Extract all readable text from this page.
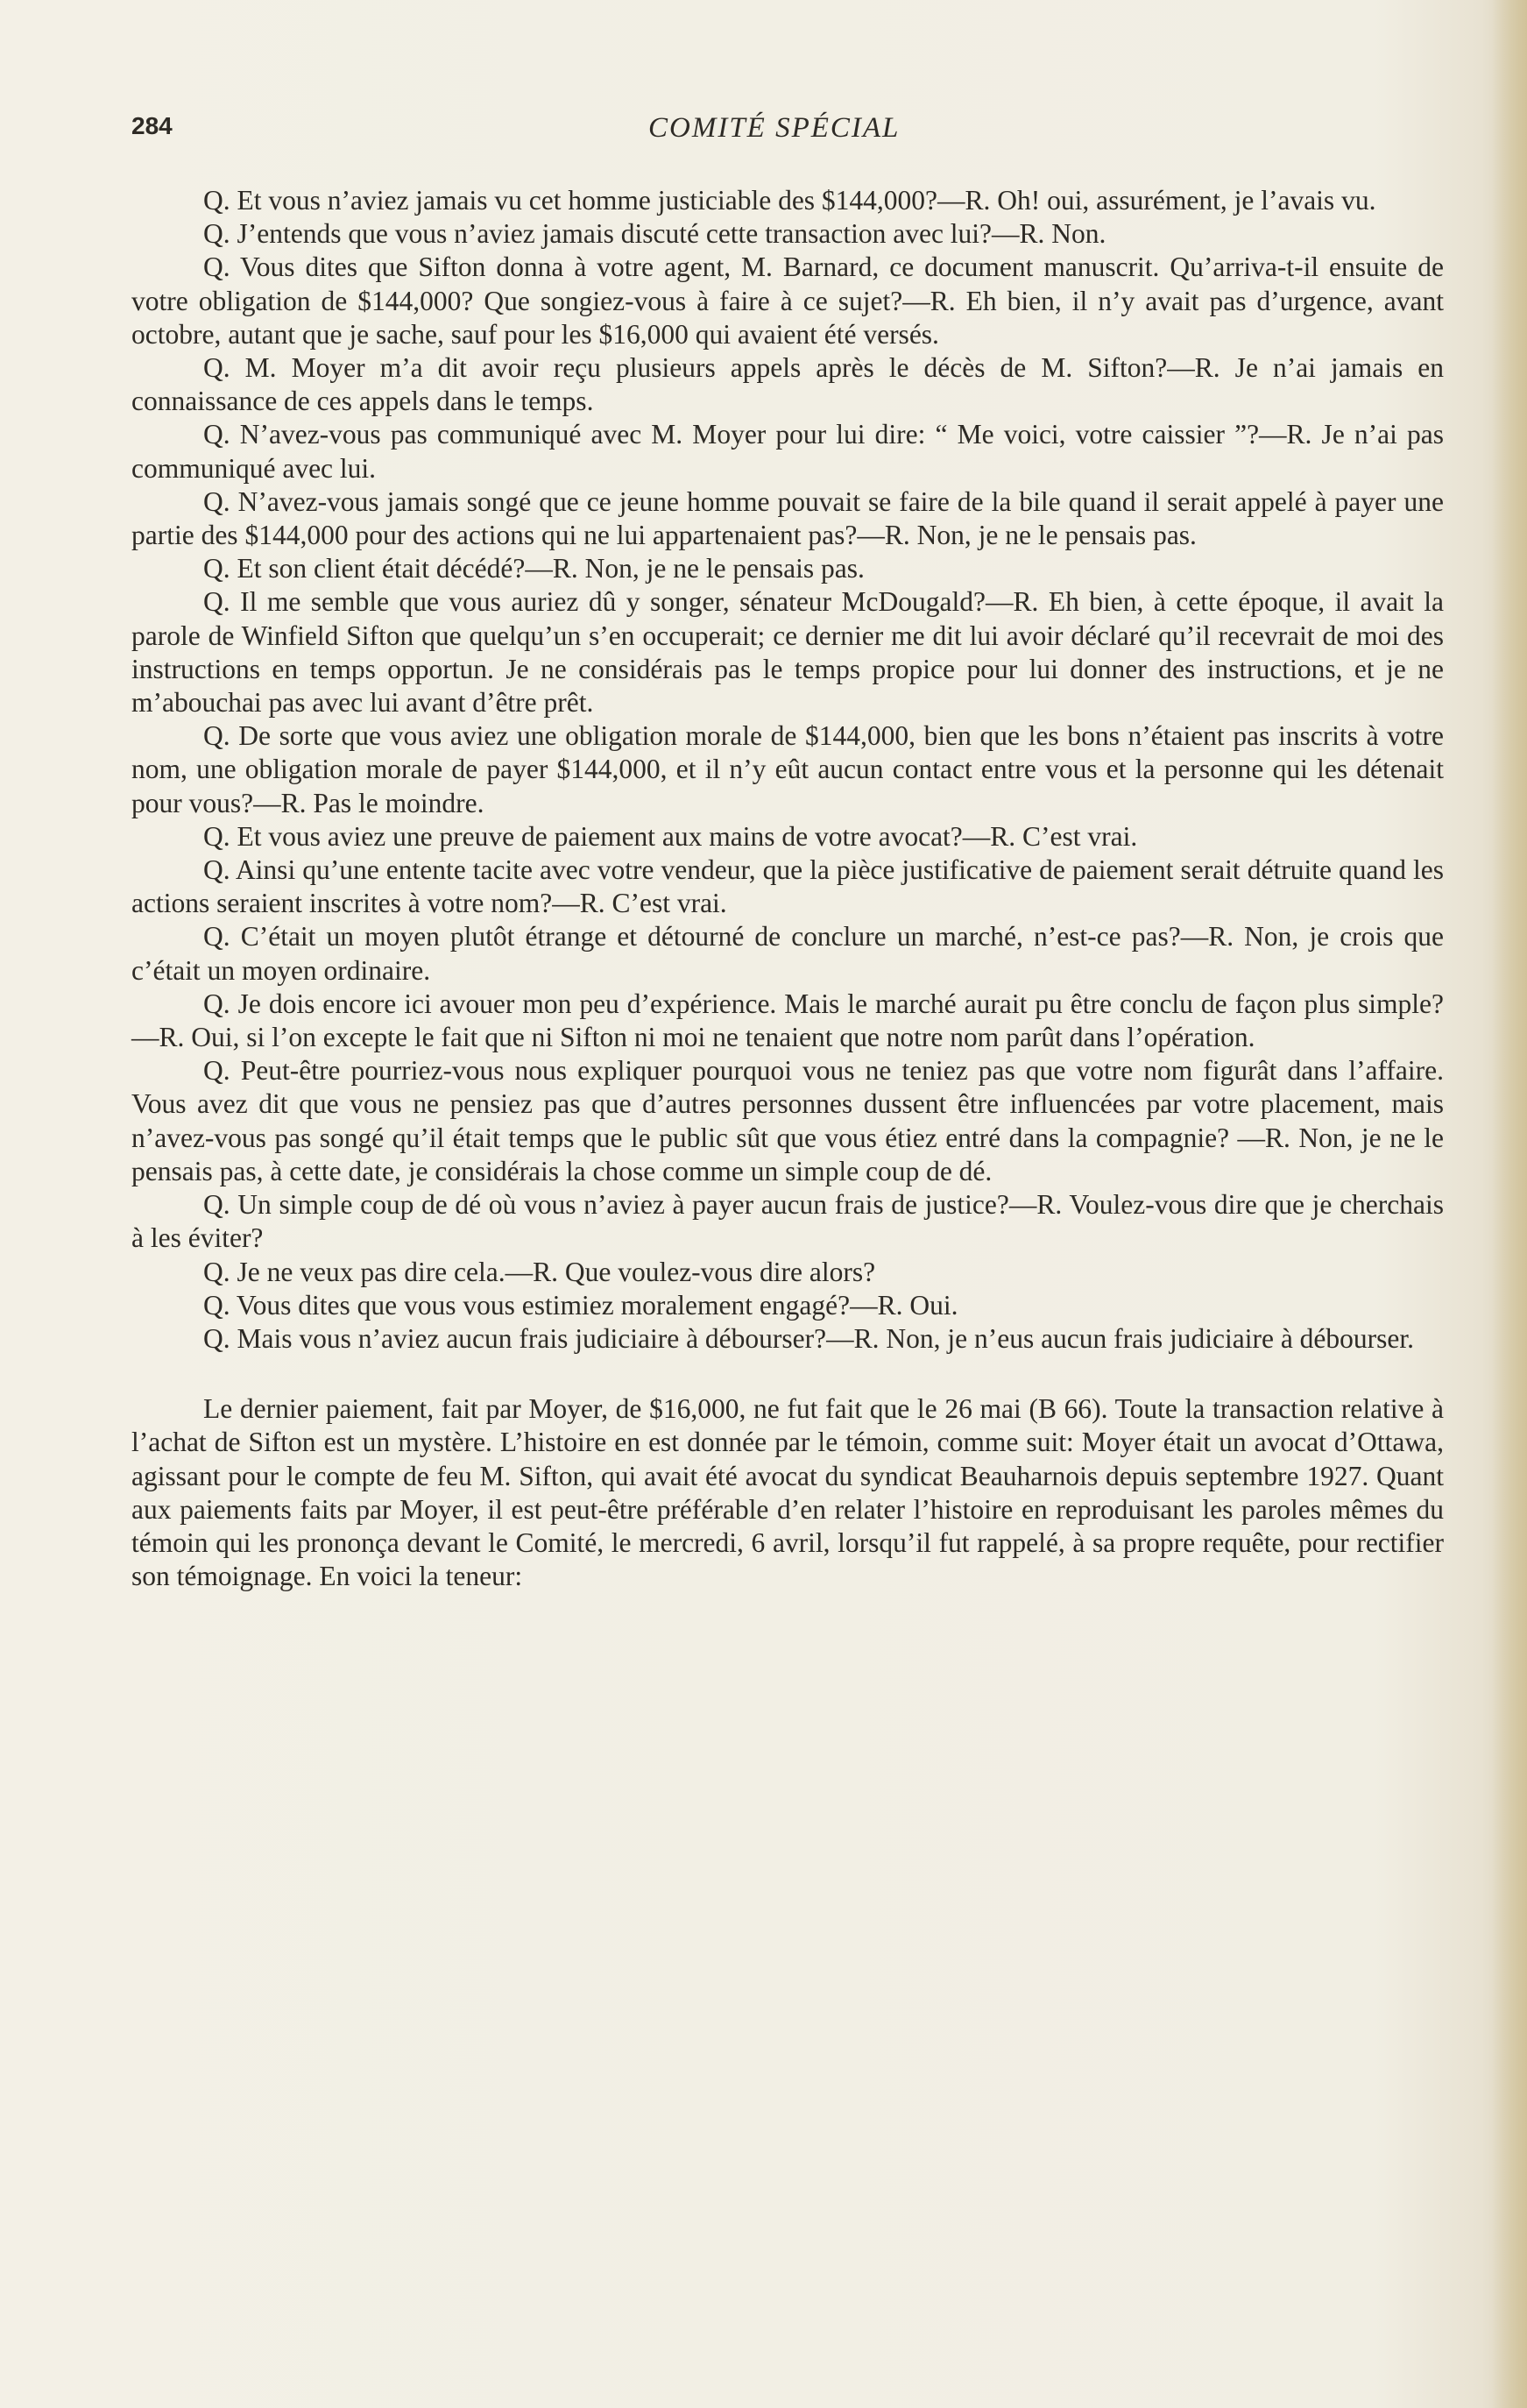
284	COMITÉ SPÉCIAL

Q. Et vous n’aviez jamais vu cet homme justiciable des $144,000?—R. Oh! oui, assurément, je l’avais vu.

Q. J’entends que vous n’aviez jamais discuté cette transaction avec lui?—R. Non.

Q. Vous dites que Sifton donna à votre agent, M. Barnard, ce document manuscrit. Qu’arriva-t-il ensuite de votre obligation de $144,000? Que songiez-vous à faire à ce sujet?—R. Eh bien, il n’y avait pas d’urgence, avant octobre, autant que je sache, sauf pour les $16,000 qui avaient été versés.

Q. M. Moyer m’a dit avoir reçu plusieurs appels après le décès de M. Sifton?—R. Je n’ai jamais en connaissance de ces appels dans le temps.

Q. N’avez-vous pas communiqué avec M. Moyer pour lui dire: “ Me voici, votre caissier ”?—R. Je n’ai pas communiqué avec lui.

Q. N’avez-vous jamais songé que ce jeune homme pouvait se faire de la bile quand il serait appelé à payer une partie des $144,000 pour des actions qui ne lui appartenaient pas?—R. Non, je ne le pensais pas.

Q. Et son client était décédé?—R. Non, je ne le pensais pas.

Q. Il me semble que vous auriez dû y songer, sénateur McDougald?—R. Eh bien, à cette époque, il avait la parole de Winfield Sifton que quelqu’un s’en occuperait; ce dernier me dit lui avoir déclaré qu’il recevrait de moi des instructions en temps opportun. Je ne considérais pas le temps propice pour lui donner des instructions, et je ne m’abouchai pas avec lui avant d’être prêt.

Q. De sorte que vous aviez une obligation morale de $144,000, bien que les bons n’étaient pas inscrits à votre nom, une obligation morale de payer $144,000, et il n’y eût aucun contact entre vous et la personne qui les détenait pour vous?—R. Pas le moindre.

Q. Et vous aviez une preuve de paiement aux mains de votre avocat?—R. C’est vrai.

Q. Ainsi qu’une entente tacite avec votre vendeur, que la pièce justificative de paiement serait détruite quand les actions seraient inscrites à votre nom?—R. C’est vrai.

Q. C’était un moyen plutôt étrange et détourné de conclure un marché, n’est-ce pas?—R. Non, je crois que c’était un moyen ordinaire.

Q. Je dois encore ici avouer mon peu d’expérience. Mais le marché aurait pu être conclu de façon plus simple?—R. Oui, si l’on excepte le fait que ni Sifton ni moi ne tenaient que notre nom parût dans l’opération.

Q. Peut-être pourriez-vous nous expliquer pourquoi vous ne teniez pas que votre nom figurât dans l’affaire. Vous avez dit que vous ne pensiez pas que d’autres personnes dussent être influencées par votre placement, mais n’avez-vous pas songé qu’il était temps que le public sût que vous étiez entré dans la compagnie? —R. Non, je ne le pensais pas, à cette date, je considérais la chose comme un simple coup de dé.

Q. Un simple coup de dé où vous n’aviez à payer aucun frais de justice?—R. Voulez-vous dire que je cherchais à les éviter?

Q. Je ne veux pas dire cela.—R. Que voulez-vous dire alors?

Q. Vous dites que vous vous estimiez moralement engagé?—R. Oui.

Q. Mais vous n’aviez aucun frais judiciaire à débourser?—R. Non, je n’eus aucun frais judiciaire à débourser.

Le dernier paiement, fait par Moyer, de $16,000, ne fut fait que le 26 mai (B 66). Toute la transaction relative à l’achat de Sifton est un mystère. L’histoire en est donnée par le témoin, comme suit: Moyer était un avocat d’Ottawa, agissant pour le compte de feu M. Sifton, qui avait été avocat du syndicat Beauharnois depuis septembre 1927. Quant aux paiements faits par Moyer, il est peut-être préférable d’en relater l’histoire en reproduisant les paroles mêmes du témoin qui les prononça devant le Comité, le mercredi, 6 avril, lorsqu’il fut rappelé, à sa propre requête, pour rectifier son témoignage. En voici la teneur:
